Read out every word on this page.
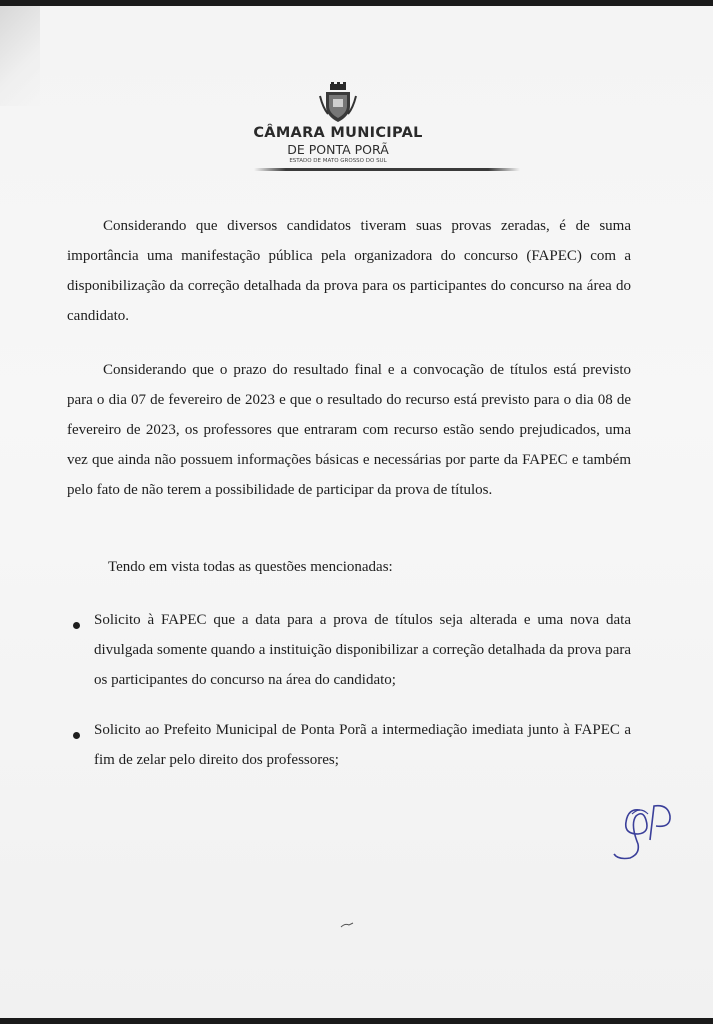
CÂMARA MUNICIPAL
DE PONTA PORÃ
ESTADO DE MATO GROSSO DO SUL

Considerando que diversos candidatos tiveram suas provas zeradas, é de suma importância uma manifestação pública pela organizadora do concurso (FAPEC) com a disponibilização da correção detalhada da prova para os participantes do concurso na área do candidato.

Considerando que o prazo do resultado final e a convocação de títulos está previsto para o dia 07 de fevereiro de 2023 e que o resultado do recurso está previsto para o dia 08 de fevereiro de 2023, os professores que entraram com recurso estão sendo prejudicados, uma vez que ainda não possuem informações básicas e necessárias por parte da FAPEC e também pelo fato de não terem a possibilidade de participar da prova de títulos.

Tendo em vista todas as questões mencionadas:

Solicito à FAPEC que a data para a prova de títulos seja alterada e uma nova data divulgada somente quando a instituição disponibilizar a correção detalhada da prova para os participantes do concurso na área do candidato;

Solicito ao Prefeito Municipal de Ponta Porã a intermediação imediata junto à FAPEC a fim de zelar pelo direito dos professores;
